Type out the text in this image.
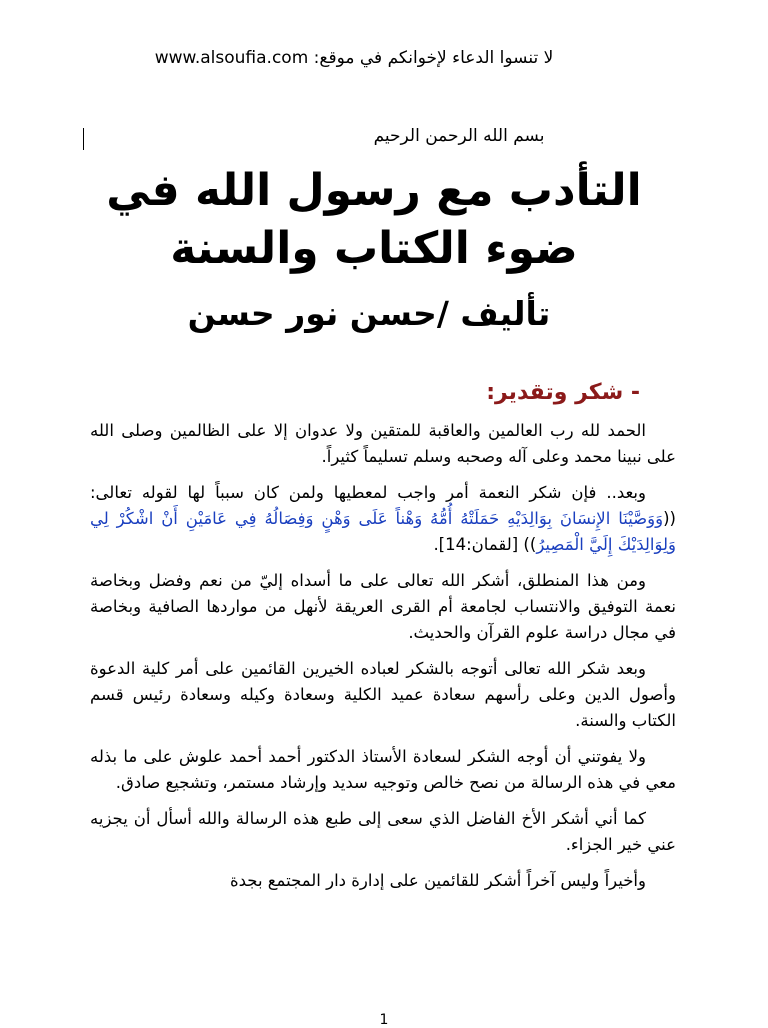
لا تنسوا الدعاء لإخوانكم في موقع: www.alsoufia.com
بسم الله الرحمن الرحيم
التأدب مع رسول الله في ضوء الكتاب والسنة
تأليف /حسن نور حسن
- شكر وتقدير:

الحمد لله رب العالمين والعاقبة للمتقين ولا عدوان إلا على الظالمين وصلى الله على نبينا محمد وعلى آله وصحبه وسلم تسليماً كثيراً.

وبعد.. فإن شكر النعمة أمر واجب لمعطيها ولمن كان سبباً لها لقوله تعالى: ((وَوَصَّيْنَا الإِنسَانَ بِوَالِدَيْهِ حَمَلَتْهُ أُمُّهُ وَهْناً عَلَى وَهْنٍ وَفِصَالُهُ فِي عَامَيْنِ أَنْ اشْكُرْ لِي وَلِوَالِدَيْكَ إِلَيَّ الْمَصِيرُ)) [لقمان:14].

ومن هذا المنطلق، أشكر الله تعالى على ما أسداه إليّ من نعم وفضل وبخاصة نعمة التوفيق والانتساب لجامعة أم القرى العريقة لأنهل من مواردها الصافية وبخاصة في مجال دراسة علوم القرآن والحديث.

وبعد شكر الله تعالى أتوجه بالشكر لعباده الخيرين القائمين على أمر كلية الدعوة وأصول الدين وعلى رأسهم سعادة عميد الكلية وسعادة وكيله وسعادة رئيس قسم الكتاب والسنة.

ولا يفوتني أن أوجه الشكر لسعادة الأستاذ الدكتور أحمد أحمد علوش على ما بذله معي في هذه الرسالة من نصح خالص وتوجيه سديد وإرشاد مستمر، وتشجيع صادق.

كما أني أشكر الأخ الفاضل الذي سعى إلى طبع هذه الرسالة والله أسأل أن يجزيه عني خير الجزاء.

وأخيراً وليس آخراً أشكر للقائمين على إدارة دار المجتمع بجدة

1
